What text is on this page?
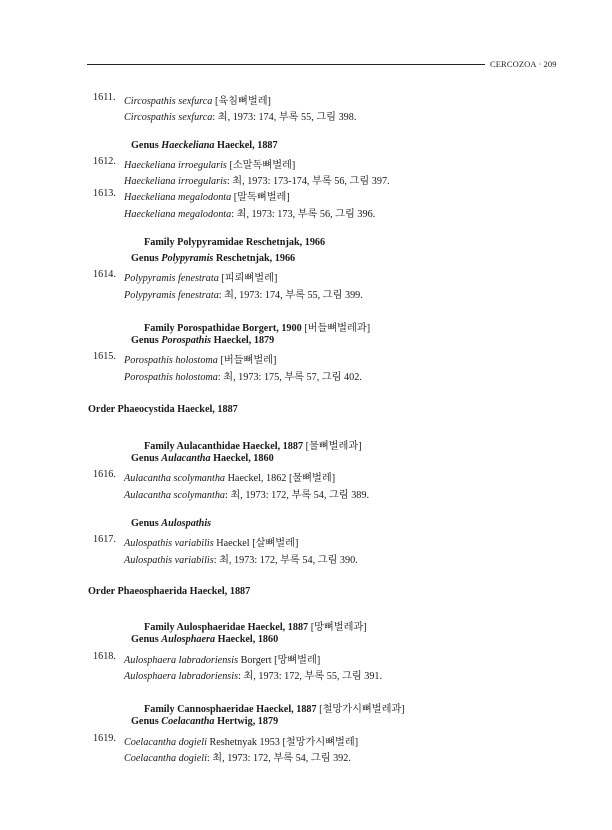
CERCOZOA · 209
1611. Circospathis sexfurca [육침뼈벌레]
Circospathis sexfurca: 최, 1973: 174, 부록 55, 그림 398.
Genus Haeckeliana Haeckel, 1887
1612. Haeckeliana irroegularis [소말독뼈벌레]
Haeckeliana irroegularis: 최, 1973: 173-174, 부록 56, 그림 397.
1613. Haeckeliana megalodonta [말독뼈벌레]
Haeckeliana megalodonta: 최, 1973: 173, 부록 56, 그림 396.
Family Polypyramidae Reschetnjak, 1966
Genus Polypyramis Reschetnjak, 1966
1614. Polypyramis fenestrata [피뢰뼈벌레]
Polypyramis fenestrata: 최, 1973: 174, 부록 55, 그림 399.
Family Porospathidae Borgert, 1900 [버들뼈벌레과]
Genus Porospathis Haeckel, 1879
1615. Porospathis holostoma [버들뼈벌레]
Porospathis holostoma: 최, 1973: 175, 부록 57, 그림 402.
Order Phaeocystida Haeckel, 1887
Family Aulacanthidae Haeckel, 1887 [물뼈벌레과]
Genus Aulacantha Haeckel, 1860
1616. Aulacantha scolymantha Haeckel, 1862 [물뼈벌레]
Aulacantha scolymantha: 최, 1973: 172, 부록 54, 그림 389.
Genus Aulospathis
1617. Aulospathis variabilis Haeckel [살뼈벌레]
Aulospathis variabilis: 최, 1973: 172, 부록 54, 그림 390.
Order Phaeosphaerida Haeckel, 1887
Family Aulosphaeridae Haeckel, 1887 [망뼈벌레과]
Genus Aulosphaera Haeckel, 1860
1618. Aulosphaera labradoriensis Borgert [망뼈벌레]
Aulosphaera labradoriensis: 최, 1973: 172, 부록 55, 그림 391.
Family Cannosphaeridae Haeckel, 1887 [철망가시뼈벌레과]
Genus Coelacantha Hertwig, 1879
1619. Coelacantha dogieli Reshetnyak 1953 [철망가시뼈벌레]
Coelacantha dogieli: 최, 1973: 172, 부록 54, 그림 392.
